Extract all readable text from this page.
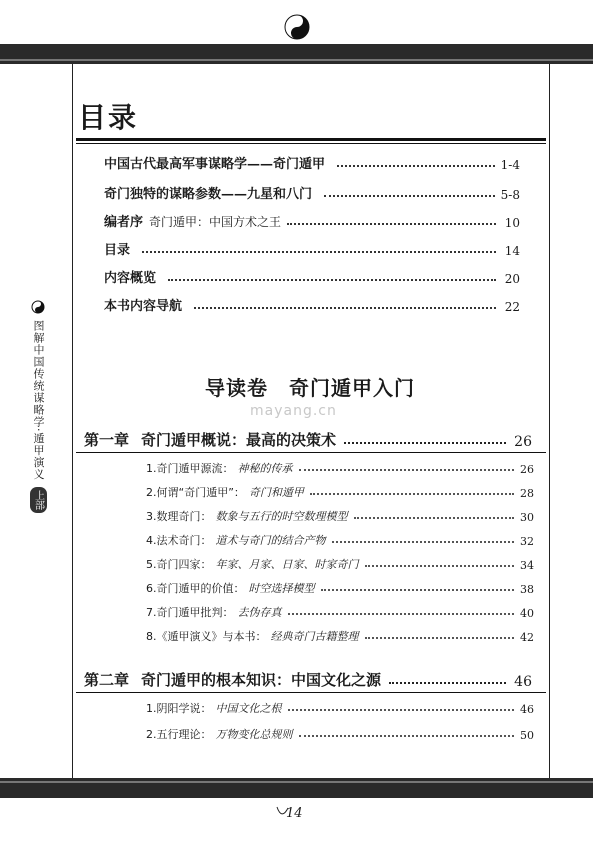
目录
中国古代最高军事谋略学——奇门遁甲	1-4
奇门独特的谋略参数——九星和八门	5-8
编者序 奇门遁甲：中国方术之王	10
目录	14
内容概览	20
本书内容导航	22
导读卷　奇门遁甲入门
mayang.cn
第一章 奇门遁甲概说：最高的决策术	26
1.奇门遁甲源流： 神秘的传承	26
2.何谓“奇门遁甲”： 奇门和遁甲	28
3.数理奇门： 数象与五行的时空数理模型	30
4.法术奇门： 道术与奇门的结合产物	32
5.奇门四家： 年家、月家、日家、时家奇门	34
6.奇门遁甲的价值： 时空选择模型	38
7.奇门遁甲批判： 去伪存真	40
8.《遁甲演义》与本书： 经典奇门古籍整理	42
第二章 奇门遁甲的根本知识：中国文化之源	46
1.阴阳学说： 中国文化之根	46
2.五行理论： 万物变化总规则	50
图解中国传统谋略学·遁甲演义
上部
14
